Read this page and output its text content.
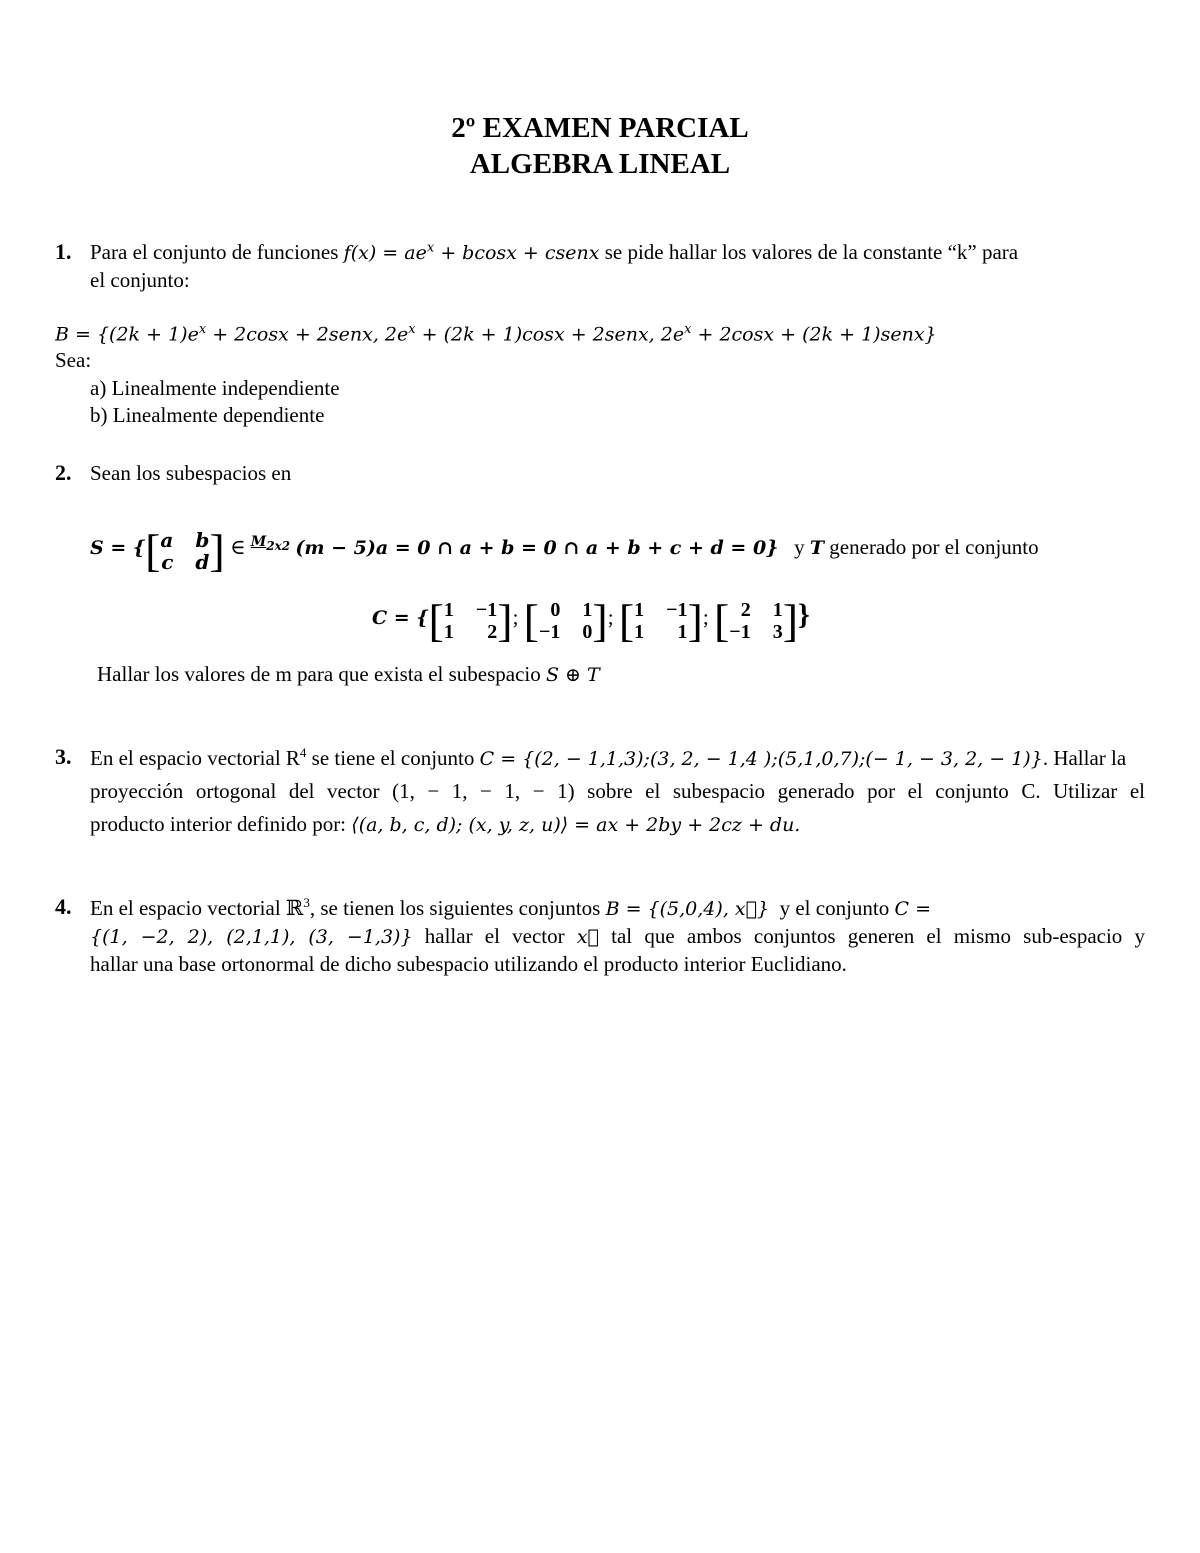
2º EXAMEN PARCIAL
ALGEBRA LINEAL
1. Para el conjunto de funciones $f(x) = ae^x + bcosx$ + csenx se pide hallar los valores de la constante “k” para
el conjunto:
$B = \{(2k + 1)e^x + 2\cos x$ + 2senx, $2e^x + (2k + 1)\cos x$ + 2senx, $2e^x + 2\cos x + (2k$ + 1)senx}
Sea:
a) Linealmente independiente
b) Linealmente dependiente
2. Sean los subespacios en
S = {[ a b
c d ] ∈ $^{M2x2}$ (m − 5)a = 0 ∩ a + b = 0 ∩ a + b + c + d = 0} y T generado por el conjunto
C = {[ 1 −1
1	2 ]; [ 0 1
−1 0 ]; [ 1 −1
1	1 ]; [ 2 1
−1 3 ]}
Hallar los valores de m para que exista el subespacio S ⊕ T
3. En el espacio vectorial $R^4$ se tiene el conjunto C = {(2, − 1,1,3);(3, 2, − 1,4 );(5,1,0,7);(− 1, − 3, 2, − 1)}. Hallar la
proyección ortogonal del vector (1, − 1, − 1, − 1) sobre el subespacio generado por el conjunto C. Utilizar el
producto interior definido por: ⟨(a, b, c, d); (x, y, z, u)⟩ = ax + 2by + 2cz + du.
4. En el espacio vectorial ℝ$^3$, se tienen los siguientes conjuntos B = {(5,0,4), x⃗} y el conjunto C =
{(1, −2, 2), (2,1,1), (3, −1,3)} hallar el vector x⃗ tal que ambos conjuntos generen el mismo sub-espacio y
hallar una base ortonormal de dicho subespacio utilizando el producto interior Euclidiano.
